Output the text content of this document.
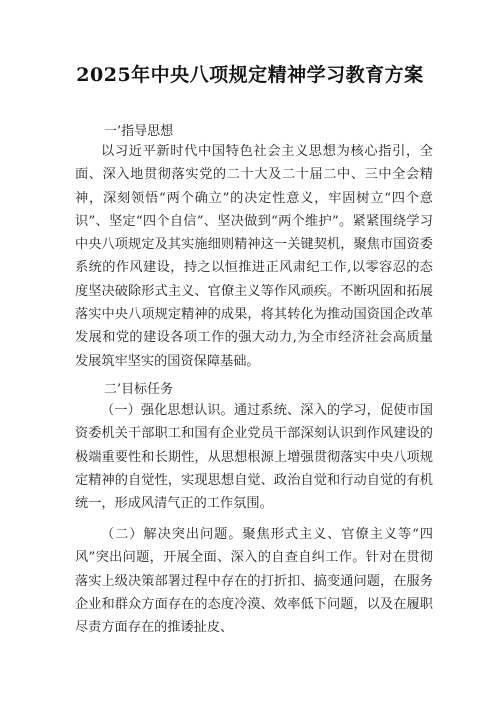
2025年中央八项规定精神学习教育方案
一’指导思想
以习近平新时代中国特色社会主义思想为核心指引，全面、深入地贯彻落实党的二十大及二十届二中、三中全会精神，深刻领悟“两个确立”的决定性意义，牢固树立“四个意识”、坚定“四个自信”、坚决做到“两个维护”。紧紧围绕学习中央八项规定及其实施细则精神这一关键契机，聚焦市国资委系统的作风建设，持之以恒推进正风肃纪工作,以零容忍的态度坚决破除形式主义、官僚主义等作风顽疾。不断巩固和拓展落实中央八项规定精神的成果，将其转化为推动国资国企改革发展和党的建设各项工作的强大动力,为全市经济社会高质量发展筑牢坚实的国资保障基础。
二’目标任务
（一）强化思想认识。通过系统、深入的学习，促使市国资委机关干部职工和国有企业党员干部深刻认识到作风建设的极端重要性和长期性，从思想根源上增强贯彻落实中央八项规定精神的自觉性，实现思想自觉、政治自觉和行动自觉的有机统一，形成风清气正的工作氛围。
（二）解决突出问题。聚焦形式主义、官僚主义等“四风”突出问题，开展全面、深入的自查自纠工作。针对在贯彻落实上级决策部署过程中存在的打折扣、搞变通问题，在服务企业和群众方面存在的态度冷漠、效率低下问题，以及在履职尽责方面存在的推诿扯皮、
